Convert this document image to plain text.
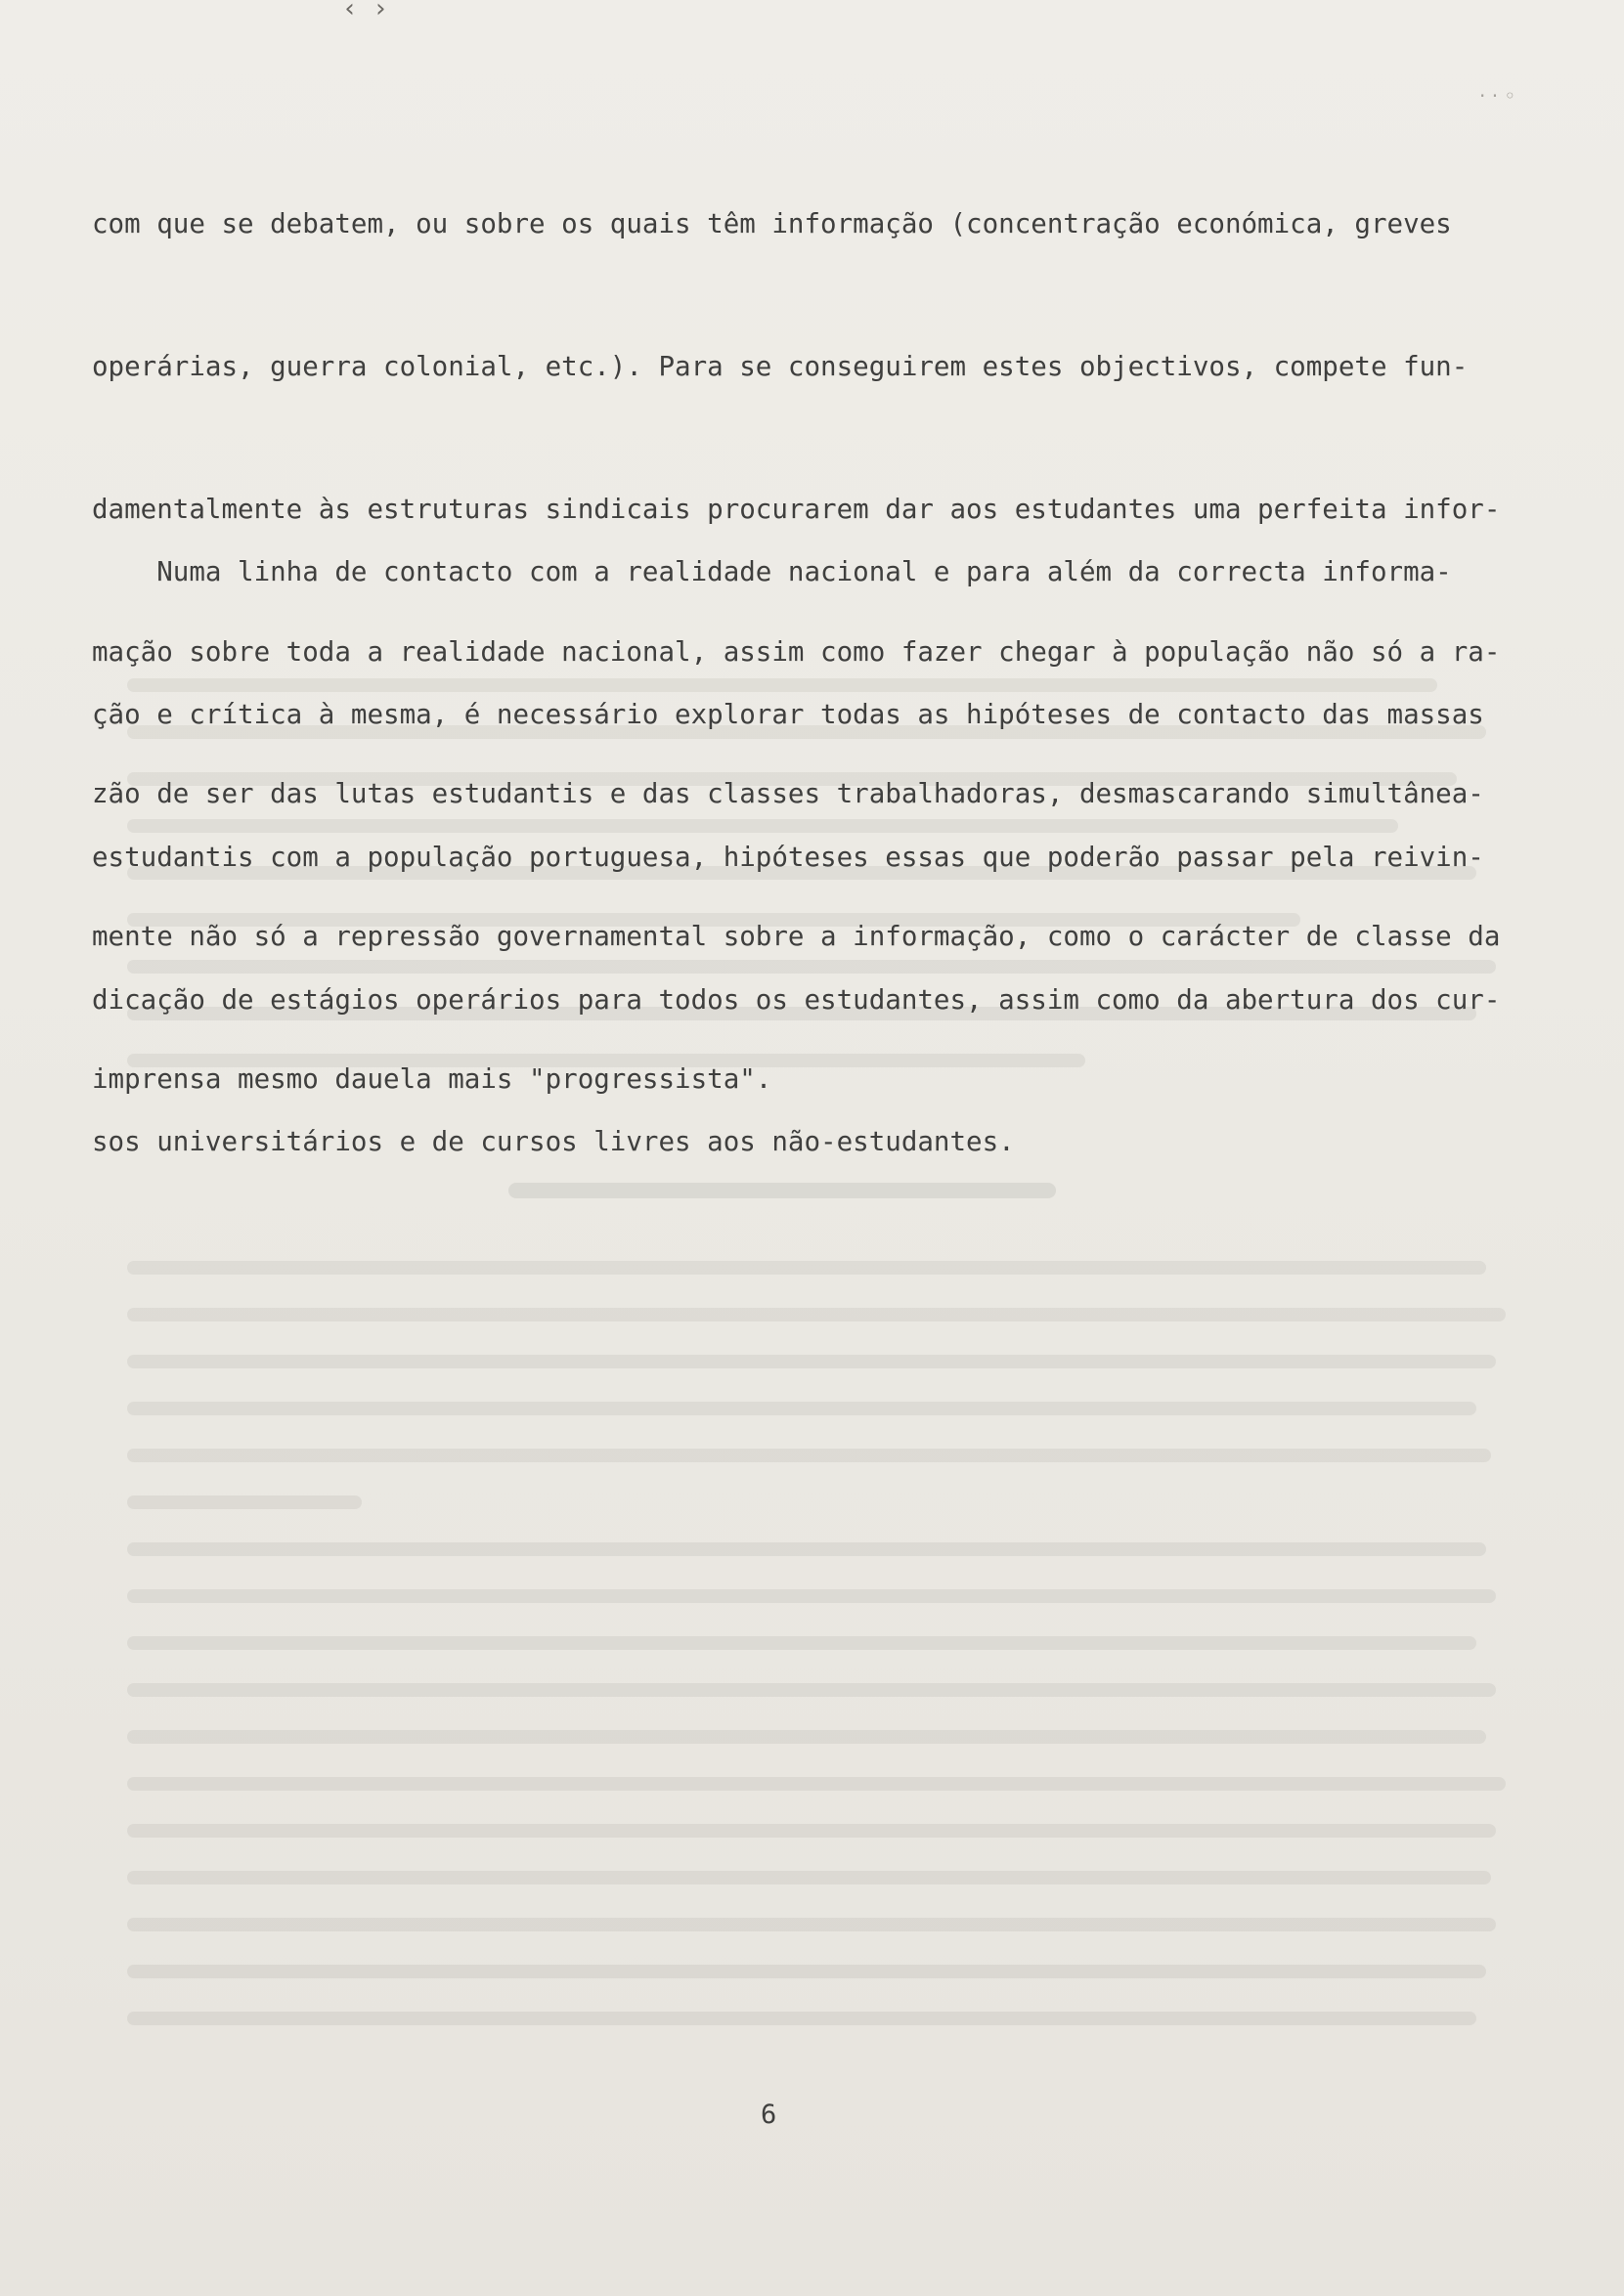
‹ ›
· · ◦

com que se debatem, ou sobre os quais têm informação (concentração económica, greves

operárias, guerra colonial, etc.). Para se conseguirem estes objectivos, compete fun-

damentalmente às estruturas sindicais procurarem dar aos estudantes uma perfeita infor-

mação sobre toda a realidade nacional, assim como fazer chegar à população não só a ra-

zão de ser das lutas estudantis e das classes trabalhadoras, desmascarando simultânea-

mente não só a repressão governamental sobre a informação, como o carácter de classe da

imprensa mesmo dauela mais "progressista".

Numa linha de contacto com a realidade nacional e para além da correcta informa-

ção e crítica à mesma, é necessário explorar todas as hipóteses de contacto das massas

estudantis com a população portuguesa, hipóteses essas que poderão passar pela reivin-

dicação de estágios operários para todos os estudantes, assim como da abertura dos cur-

sos universitários e de cursos livres aos não-estudantes.

6
